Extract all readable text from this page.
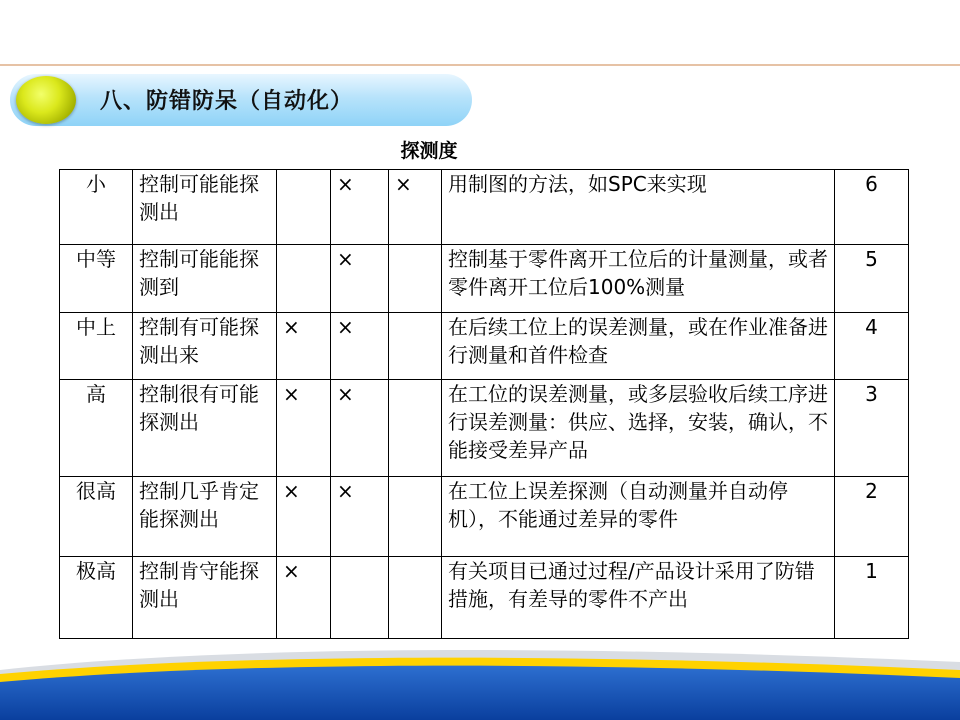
八、防错防呆（自动化）
探测度
小	控制可能能探测出		×	×	用制图的方法，如SPC来实现	6
中等	控制可能能探测到		×		控制基于零件离开工位后的计量测量，或者零件离开工位后100%测量	5
中上	控制有可能探测出来	×	×		在后续工位上的误差测量，或在作业准备进行测量和首件检查	4
高	控制很有可能探测出	×	×		在工位的误差测量，或多层验收后续工序进行误差测量：供应、选择，安装，确认，不能接受差异产品	3
很高	控制几乎肯定能探测出	×	×		在工位上误差探测（自动测量并自动停机），不能通过差异的零件	2
极高	控制肯守能探测出	×			有关项目已通过过程/产品设计采用了防错措施，有差导的零件不产出	1
